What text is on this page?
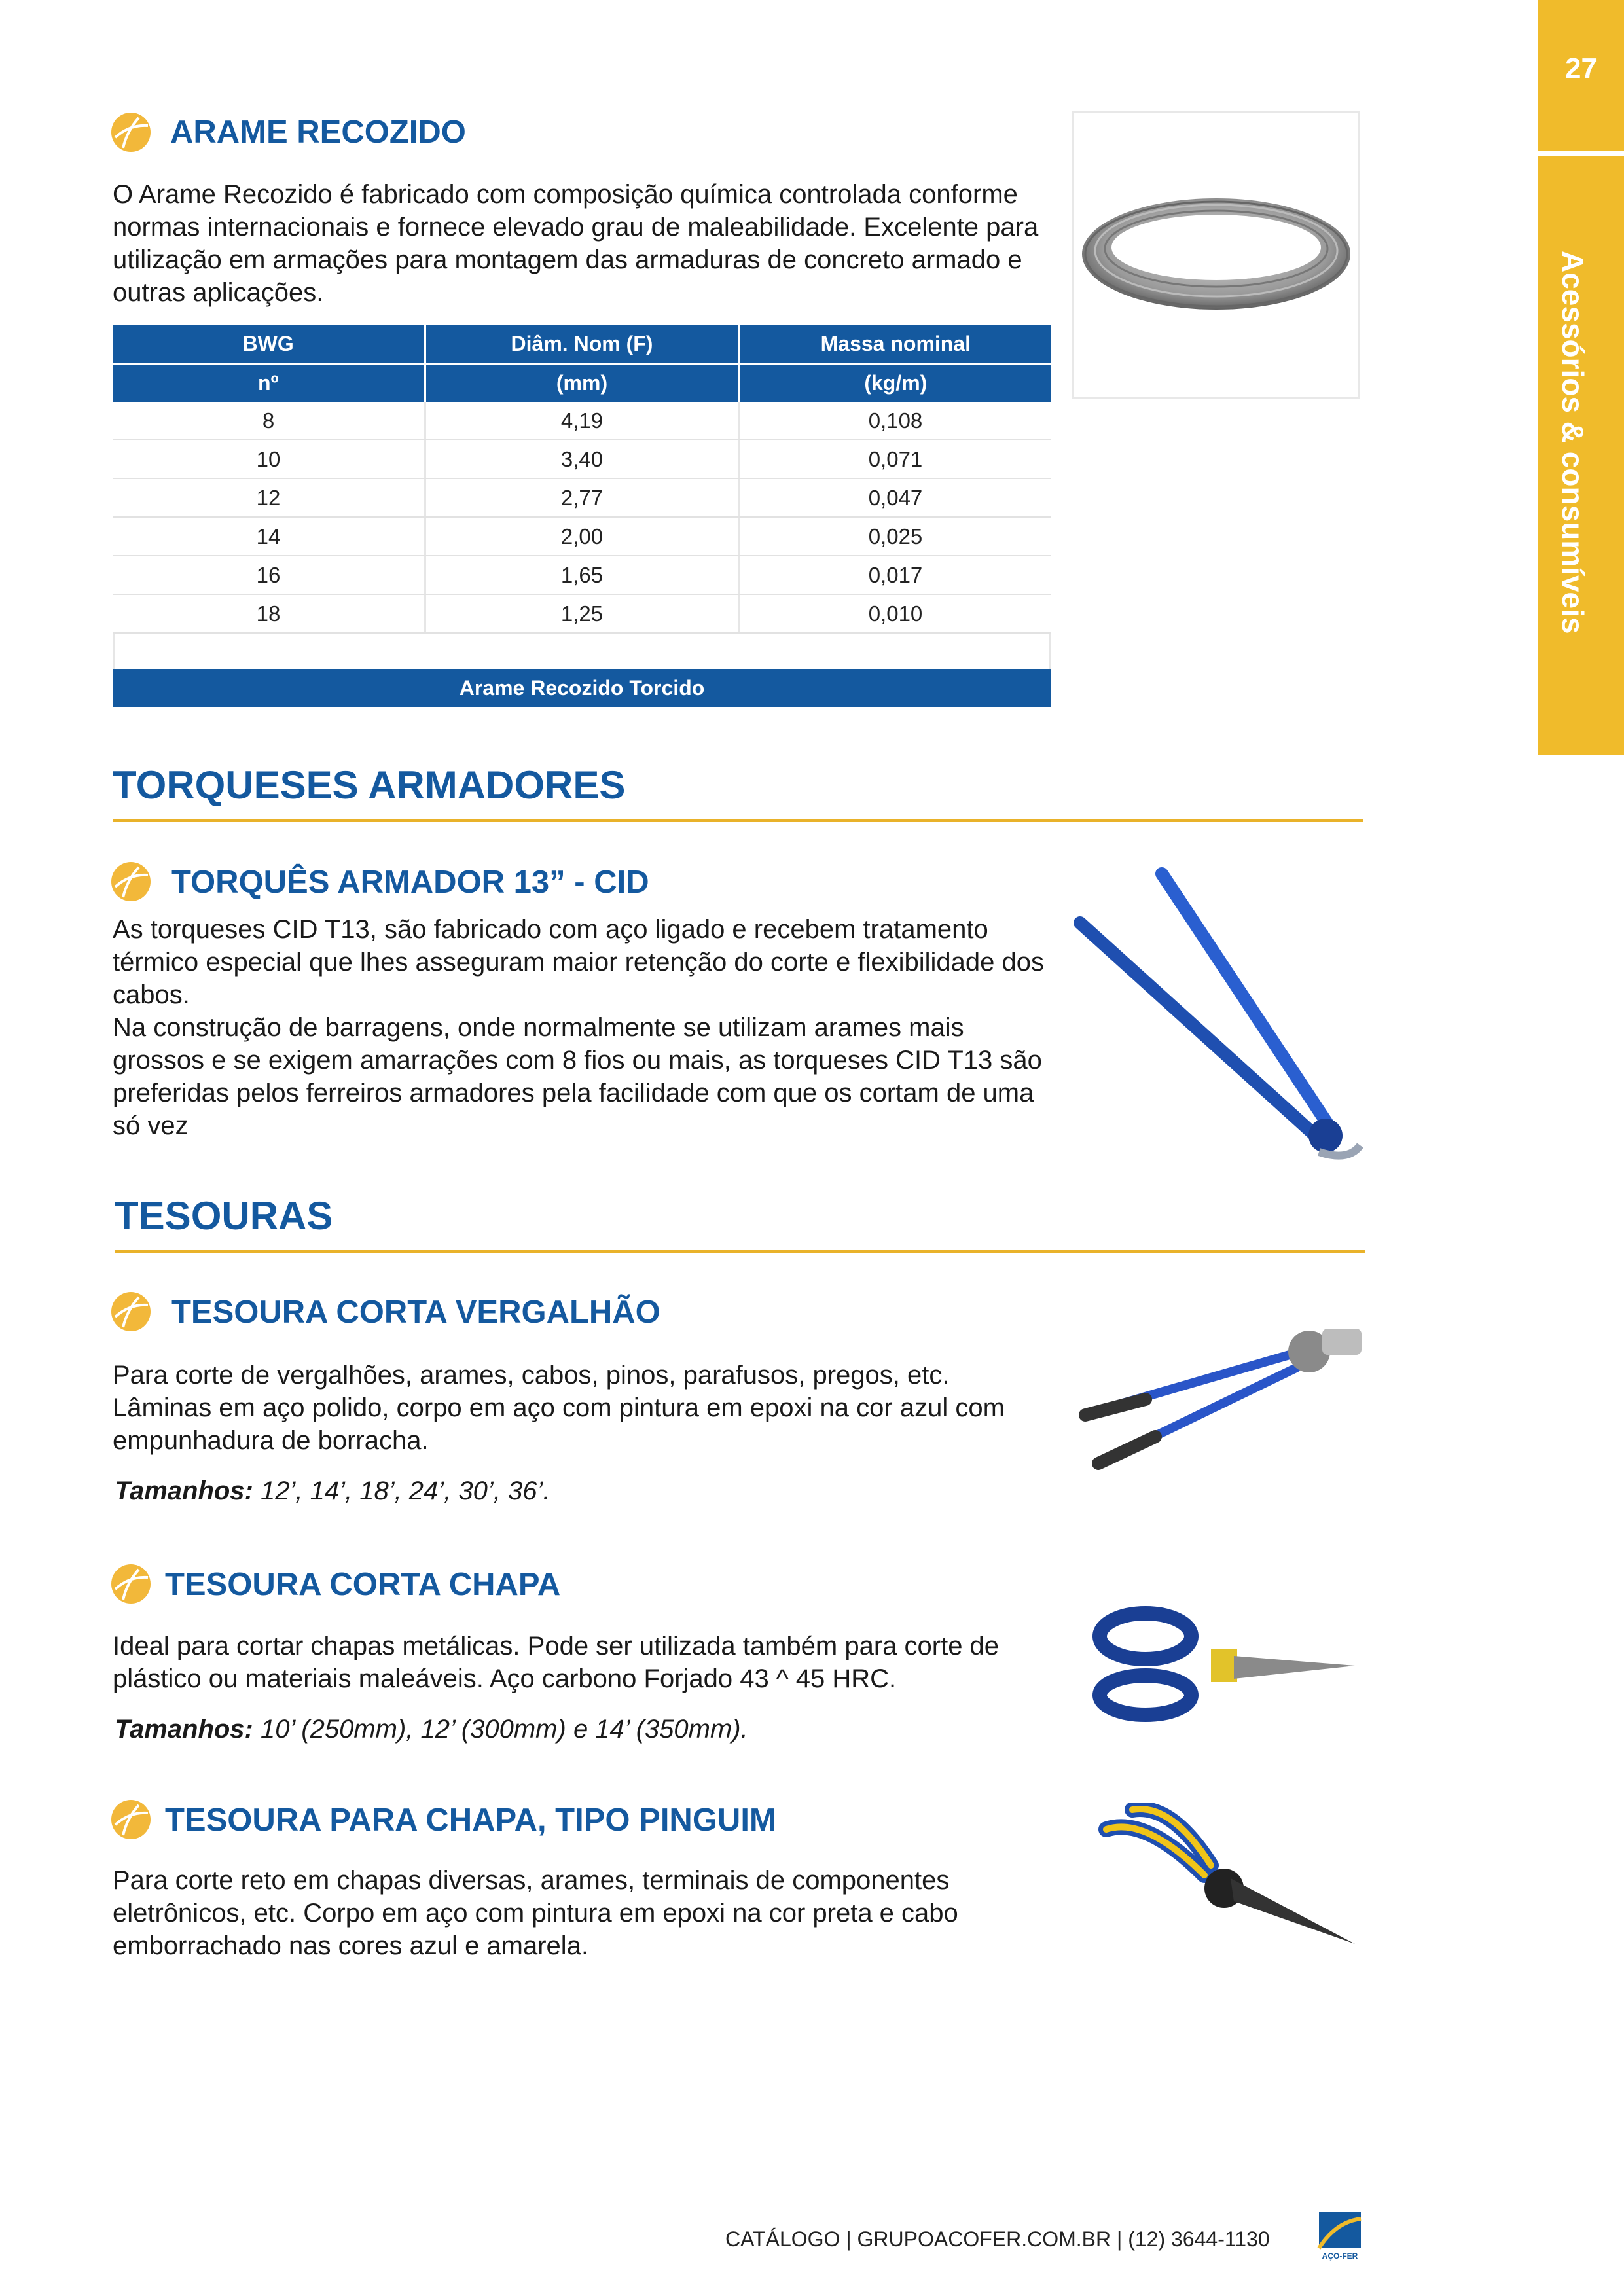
27
Acessórios & consumíveis
ARAME RECOZIDO
O Arame Recozido é fabricado com composição química controlada conforme normas internacionais e fornece elevado grau de maleabilidade. Excelente para utilização em armações para montagem das armaduras de concreto armado e outras aplicações.
BWG	Diâm. Nom (F)	Massa nominal
nº	(mm)	(kg/m)
8	4,19	0,108
10	3,40	0,071
12	2,77	0,047
14	2,00	0,025
16	1,65	0,017
18	1,25	0,010
Arame Recozido Torcido
TORQUESES ARMADORES
TORQUÊS ARMADOR 13” - CID
As torqueses CID T13, são fabricado com aço ligado e recebem tratamento térmico especial que lhes asseguram maior retenção do corte e flexibilidade dos cabos.
Na construção de barragens, onde normalmente se utilizam arames mais grossos e se exigem amarrações com 8 fios ou mais, as torqueses CID T13 são preferidas pelos ferreiros armadores pela facilidade com que os cortam de uma só vez
TESOURAS
TESOURA CORTA VERGALHÃO
Para corte de vergalhões, arames, cabos, pinos, parafusos, pregos, etc. Lâminas em aço polido, corpo em aço com pintura em epoxi na cor azul com empunhadura de borracha.
Tamanhos: 12’, 14’, 18’, 24’, 30’, 36’.
TESOURA CORTA CHAPA
Ideal para cortar chapas metálicas. Pode ser utilizada também para corte de plástico ou materiais maleáveis. Aço carbono Forjado 43 ^ 45 HRC.
Tamanhos: 10’ (250mm), 12’ (300mm) e 14’ (350mm).
TESOURA PARA CHAPA, TIPO PINGUIM
Para corte reto em chapas diversas, arames, terminais de componentes eletrônicos, etc. Corpo em aço com pintura em epoxi na cor preta e cabo emborrachado nas cores azul e amarela.
CATÁLOGO | GRUPOACOFER.COM.BR | (12) 3644-1130
AÇO-FER
